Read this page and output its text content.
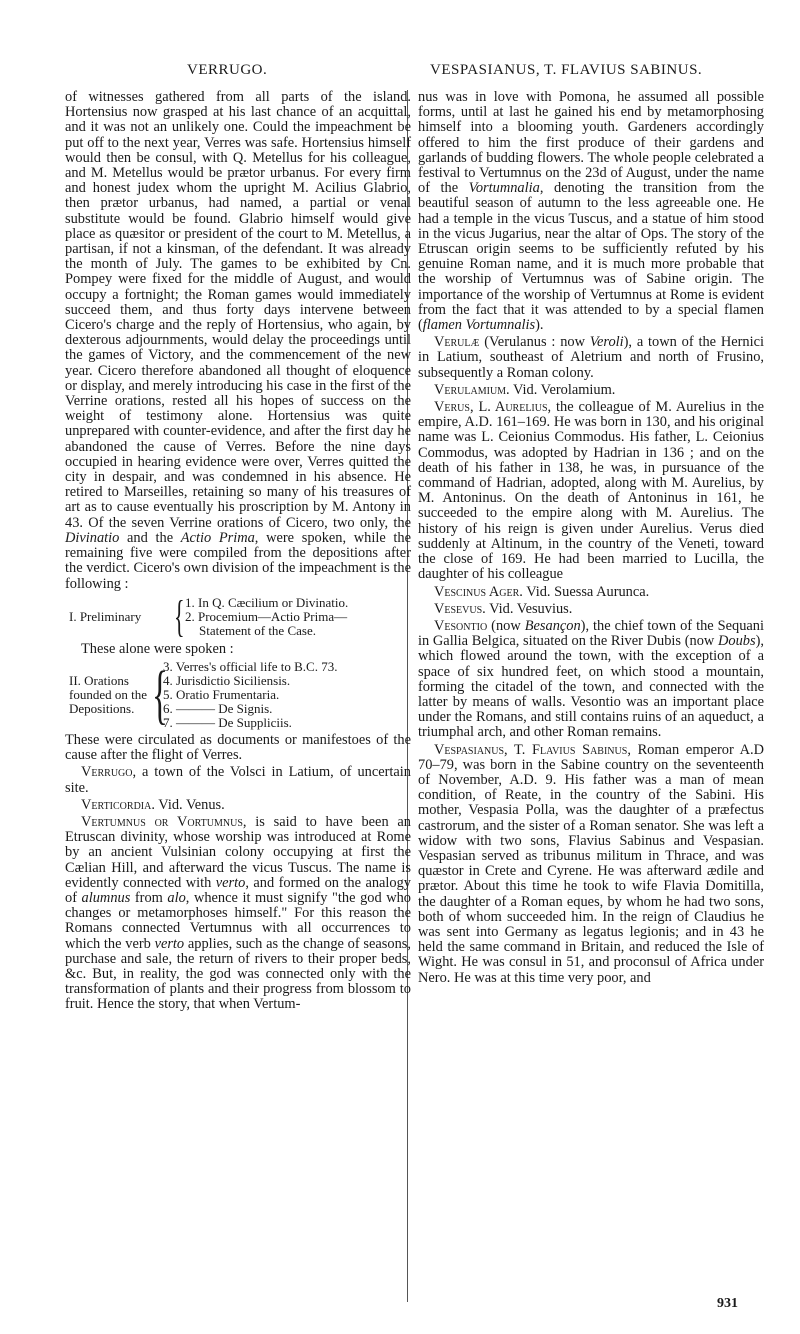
VERRUGO.	VESPASIANUS, T. FLAVIUS SABINUS.

of witnesses gathered from all parts of the island. Hortensius now grasped at his last chance of an acquittal, and it was not an unlikely one. Could the impeachment be put off to the next year, Verres was safe. Hortensius himself would then be consul, with Q. Metellus for his colleague, and M. Metellus would be prætor urbanus. For every firm and honest judex whom the upright M. Acilius Glabrio, then prætor urbanus, had named, a partial or venal substitute would be found. Glabrio himself would give place as quæsitor or president of the court to M. Metellus, a partisan, if not a kinsman, of the defendant. It was already the month of July. The games to be exhibited by Cn. Pompey were fixed for the middle of August, and would occupy a fortnight; the Roman games would immediately succeed them, and thus forty days intervene between Cicero's charge and the reply of Hortensius, who again, by dexterous adjournments, would delay the proceedings until the games of Victory, and the commencement of the new year. Cicero therefore abandoned all thought of eloquence or display, and merely introducing his case in the first of the Verrine orations, rested all his hopes of success on the weight of testimony alone. Hortensius was quite unprepared with counter-evidence, and after the first day he abandoned the cause of Verres. Before the nine days occupied in hearing evidence were over, Verres quitted the city in despair, and was condemned in his absence. He retired to Marseilles, retaining so many of his treasures of art as to cause eventually his proscription by M. Antony in 43. Of the seven Verrine orations of Cicero, two only, the Divinatio and the Actio Prima, were spoken, while the remaining five were compiled from the depositions after the verdict. Cicero's own division of the impeachment is the following :

I. Preliminary { 1. In Q. Cæcilium or Divinatio.
2. Procemium—Actio Prima—
Statement of the Case.

These alone were spoken :

II. Orations founded on the Depositions. {
3. Verres's official life to B.C. 73.
4. Jurisdictio Siciliensis.
5. Oratio Frumentaria.
6. ——— De Signis.
7. ——— De Suppliciis.

These were circulated as documents or manifestoes of the cause after the flight of Verres.

Verrugo, a town of the Volsci in Latium, of uncertain site.

Verticordia. Vid. Venus.

Vertumnus or Vortumnus, is said to have been an Etruscan divinity, whose worship was introduced at Rome by an ancient Vulsinian colony occupying at first the Cælian Hill, and afterward the vicus Tuscus. The name is evidently connected with verto, and formed on the analogy of alumnus from alo, whence it must signify "the god who changes or metamorphoses himself." For this reason the Romans connected Vertumnus with all occurrences to which the verb verto applies, such as the change of seasons, purchase and sale, the return of rivers to their proper beds, &c. But, in reality, the god was connected only with the transformation of plants and their progress from blossom to fruit. Hence the story, that when Vertum-

nus was in love with Pomona, he assumed all possible forms, until at last he gained his end by metamorphosing himself into a blooming youth. Gardeners accordingly offered to him the first produce of their gardens and garlands of budding flowers. The whole people celebrated a festival to Vertumnus on the 23d of August, under the name of the Vortumnalia, denoting the transition from the beautiful season of autumn to the less agreeable one. He had a temple in the vicus Tuscus, and a statue of him stood in the vicus Jugarius, near the altar of Ops. The story of the Etruscan origin seems to be sufficiently refuted by his genuine Roman name, and it is much more probable that the worship of Vertumnus was of Sabine origin. The importance of the worship of Vertumnus at Rome is evident from the fact that it was attended to by a special flamen (flamen Vortumnalis).

Verulæ (Verulanus : now Veroli), a town of the Hernici in Latium, southeast of Aletrium and north of Frusino, subsequently a Roman colony.

Verulamium. Vid. Verolamium.

Verus, L. Aurelius, the colleague of M. Aurelius in the empire, A.D. 161–169. He was born in 130, and his original name was L. Ceionius Commodus. His father, L. Ceionius Commodus, was adopted by Hadrian in 136 ; and on the death of his father in 138, he was, in pursuance of the command of Hadrian, adopted, along with M. Aurelius, by M. Antoninus. On the death of Antoninus in 161, he succeeded to the empire along with M. Aurelius. The history of his reign is given under Aurelius. Verus died suddenly at Altinum, in the country of the Veneti, toward the close of 169. He had been married to Lucilla, the daughter of his colleague

Vescinus Ager. Vid. Suessa Aurunca.

Vesevus. Vid. Vesuvius.

Vesontio (now Besançon), the chief town of the Sequani in Gallia Belgica, situated on the River Dubis (now Doubs), which flowed around the town, with the exception of a space of six hundred feet, on which stood a mountain, forming the citadel of the town, and connected with the latter by means of walls. Vesontio was an important place under the Romans, and still contains ruins of an aqueduct, a triumphal arch, and other Roman remains.

Vespasianus, T. Flavius Sabinus, Roman emperor A.D 70–79, was born in the Sabine country on the seventeenth of November, A.D. 9. His father was a man of mean condition, of Reate, in the country of the Sabini. His mother, Vespasia Polla, was the daughter of a præfectus castrorum, and the sister of a Roman senator. She was left a widow with two sons, Flavius Sabinus and Vespasian. Vespasian served as tribunus militum in Thrace, and was quæstor in Crete and Cyrene. He was afterward ædile and prætor. About this time he took to wife Flavia Domitilla, the daughter of a Roman eques, by whom he had two sons, both of whom succeeded him. In the reign of Claudius he was sent into Germany as legatus legionis; and in 43 he held the same command in Britain, and reduced the Isle of Wight. He was consul in 51, and proconsul of Africa under Nero. He was at this time very poor, and

931
